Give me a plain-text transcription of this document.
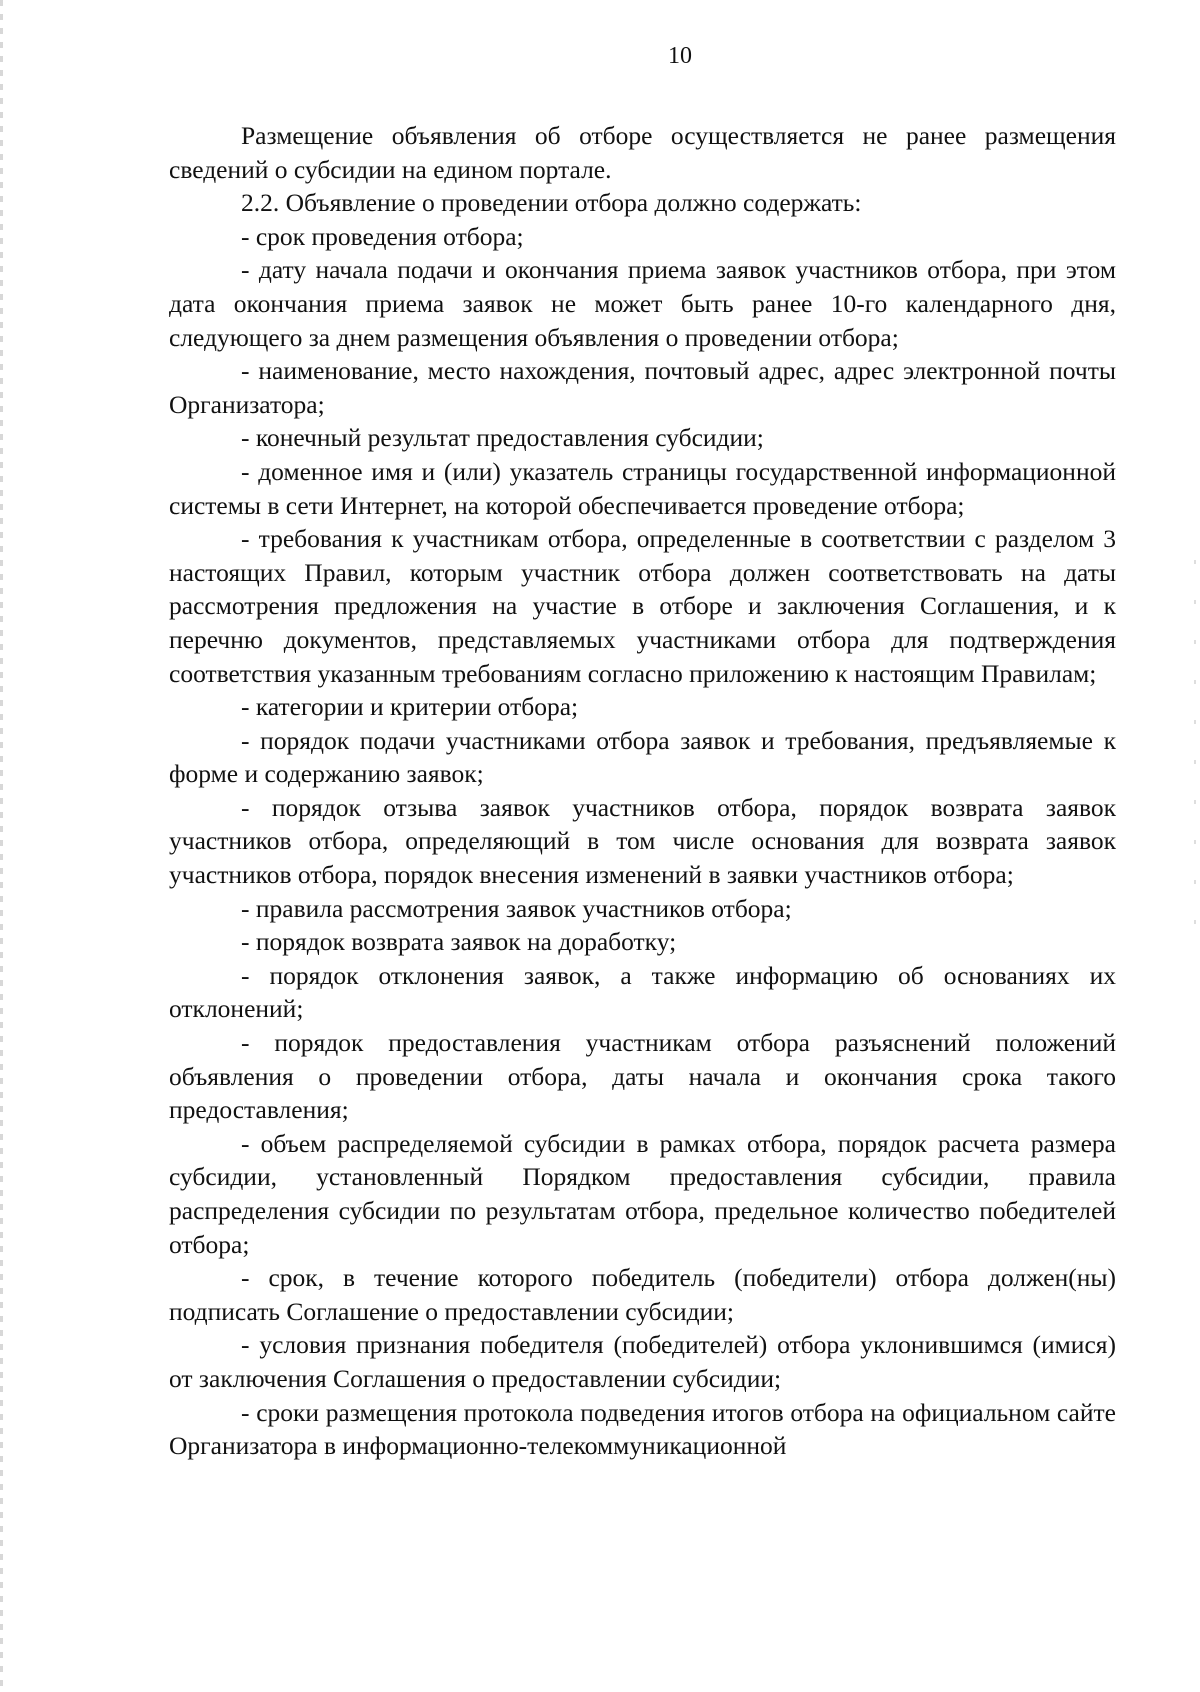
10

Размещение объявления об отборе осуществляется не ранее размещения сведений о субсидии на едином портале.

2.2. Объявление о проведении отбора должно содержать:

- срок проведения отбора;

- дату начала подачи и окончания приема заявок участников отбора, при этом дата окончания приема заявок не может быть ранее 10-го календарного дня, следующего за днем размещения объявления о проведении отбора;

- наименование, место нахождения, почтовый адрес, адрес электронной почты Организатора;

- конечный результат предоставления субсидии;

- доменное имя и (или) указатель страницы государственной информационной системы в сети Интернет, на которой обеспечивается проведение отбора;

- требования к участникам отбора, определенные в соответствии с разделом 3 настоящих Правил, которым участник отбора должен соответствовать на даты рассмотрения предложения на участие в отборе и заключения Соглашения, и к перечню документов, представляемых участниками отбора для подтверждения соответствия указанным требованиям согласно приложению к настоящим Правилам;

- категории и критерии отбора;

- порядок подачи участниками отбора заявок и требования, предъявляемые к форме и содержанию заявок;

- порядок отзыва заявок участников отбора, порядок возврата заявок участников отбора, определяющий в том числе основания для возврата заявок участников отбора, порядок внесения изменений в заявки участников отбора;

- правила рассмотрения заявок участников отбора;

- порядок возврата заявок на доработку;

- порядок отклонения заявок, а также информацию об основаниях их отклонений;

- порядок предоставления участникам отбора разъяснений положений объявления о проведении отбора, даты начала и окончания срока такого предоставления;

- объем распределяемой субсидии в рамках отбора, порядок расчета размера субсидии, установленный Порядком предоставления субсидии, правила распределения субсидии по результатам отбора, предельное количество победителей отбора;

- срок, в течение которого победитель (победители) отбора должен(ны) подписать Соглашение о предоставлении субсидии;

- условия признания победителя (победителей) отбора уклонившимся (имися) от заключения Соглашения о предоставлении субсидии;

- сроки размещения протокола подведения итогов отбора на официальном сайте Организатора в информационно-телекоммуникационной
